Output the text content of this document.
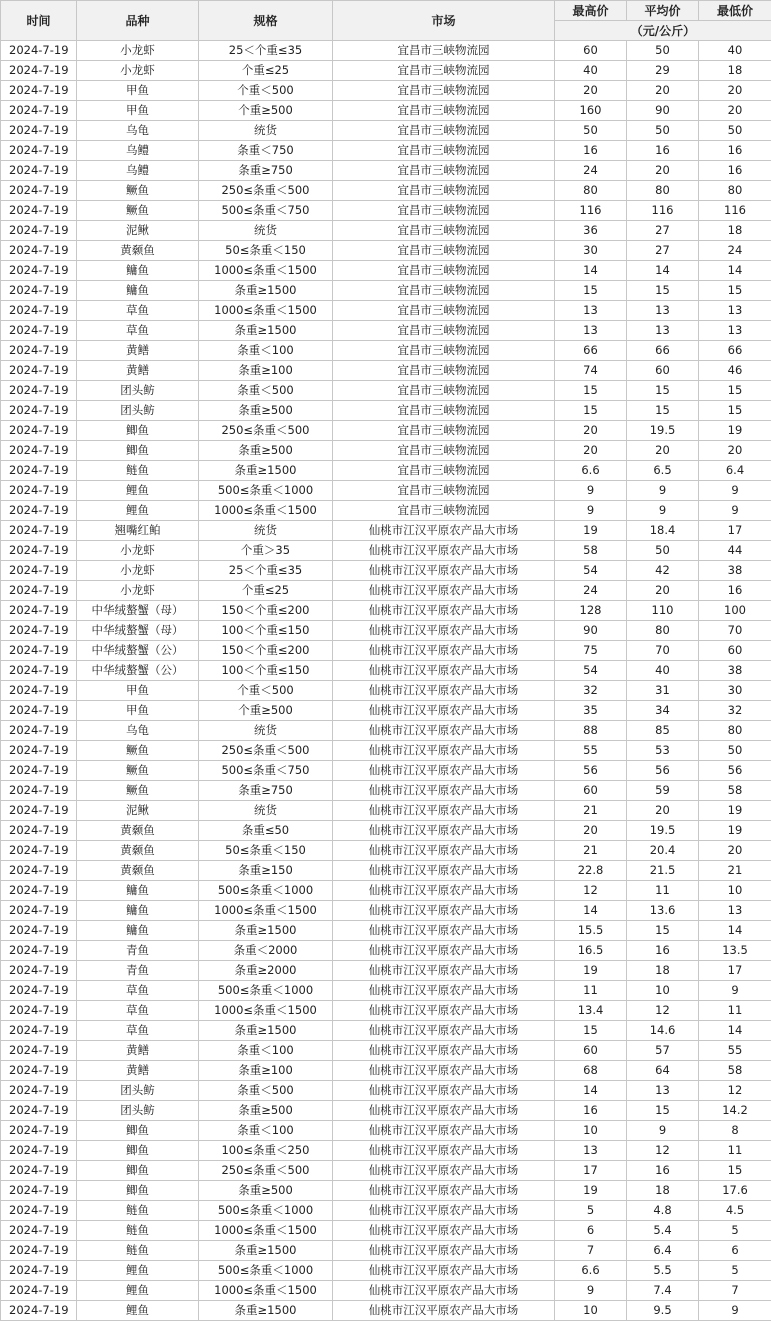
时间	品种	规格	市场	最高价	平均价	最低价
				（元/公斤）		
2024-7-19	小龙虾	25＜个重≤35	宜昌市三峡物流园	60	50	40
2024-7-19	小龙虾	个重≤25	宜昌市三峡物流园	40	29	18
2024-7-19	甲鱼	个重＜500	宜昌市三峡物流园	20	20	20
2024-7-19	甲鱼	个重≥500	宜昌市三峡物流园	160	90	20
2024-7-19	乌龟	统货	宜昌市三峡物流园	50	50	50
2024-7-19	乌鳢	条重＜750	宜昌市三峡物流园	16	16	16
2024-7-19	乌鳢	条重≥750	宜昌市三峡物流园	24	20	16
2024-7-19	鳜鱼	250≤条重＜500	宜昌市三峡物流园	80	80	80
2024-7-19	鳜鱼	500≤条重＜750	宜昌市三峡物流园	116	116	116
2024-7-19	泥鳅	统货	宜昌市三峡物流园	36	27	18
2024-7-19	黄颡鱼	50≤条重＜150	宜昌市三峡物流园	30	27	24
2024-7-19	鳙鱼	1000≤条重＜1500	宜昌市三峡物流园	14	14	14
2024-7-19	鳙鱼	条重≥1500	宜昌市三峡物流园	15	15	15
2024-7-19	草鱼	1000≤条重＜1500	宜昌市三峡物流园	13	13	13
2024-7-19	草鱼	条重≥1500	宜昌市三峡物流园	13	13	13
2024-7-19	黄鳝	条重＜100	宜昌市三峡物流园	66	66	66
2024-7-19	黄鳝	条重≥100	宜昌市三峡物流园	74	60	46
2024-7-19	团头鲂	条重＜500	宜昌市三峡物流园	15	15	15
2024-7-19	团头鲂	条重≥500	宜昌市三峡物流园	15	15	15
2024-7-19	鲫鱼	250≤条重＜500	宜昌市三峡物流园	20	19.5	19
2024-7-19	鲫鱼	条重≥500	宜昌市三峡物流园	20	20	20
2024-7-19	鲢鱼	条重≥1500	宜昌市三峡物流园	6.6	6.5	6.4
2024-7-19	鲤鱼	500≤条重＜1000	宜昌市三峡物流园	9	9	9
2024-7-19	鲤鱼	1000≤条重＜1500	宜昌市三峡物流园	9	9	9
2024-7-19	翘嘴红鲌	统货	仙桃市江汉平原农产品大市场	19	18.4	17
2024-7-19	小龙虾	个重＞35	仙桃市江汉平原农产品大市场	58	50	44
2024-7-19	小龙虾	25＜个重≤35	仙桃市江汉平原农产品大市场	54	42	38
2024-7-19	小龙虾	个重≤25	仙桃市江汉平原农产品大市场	24	20	16
2024-7-19	中华绒螯蟹（母）	150＜个重≤200	仙桃市江汉平原农产品大市场	128	110	100
2024-7-19	中华绒螯蟹（母）	100＜个重≤150	仙桃市江汉平原农产品大市场	90	80	70
2024-7-19	中华绒螯蟹（公）	150＜个重≤200	仙桃市江汉平原农产品大市场	75	70	60
2024-7-19	中华绒螯蟹（公）	100＜个重≤150	仙桃市江汉平原农产品大市场	54	40	38
2024-7-19	甲鱼	个重＜500	仙桃市江汉平原农产品大市场	32	31	30
2024-7-19	甲鱼	个重≥500	仙桃市江汉平原农产品大市场	35	34	32
2024-7-19	乌龟	统货	仙桃市江汉平原农产品大市场	88	85	80
2024-7-19	鳜鱼	250≤条重＜500	仙桃市江汉平原农产品大市场	55	53	50
2024-7-19	鳜鱼	500≤条重＜750	仙桃市江汉平原农产品大市场	56	56	56
2024-7-19	鳜鱼	条重≥750	仙桃市江汉平原农产品大市场	60	59	58
2024-7-19	泥鳅	统货	仙桃市江汉平原农产品大市场	21	20	19
2024-7-19	黄颡鱼	条重≤50	仙桃市江汉平原农产品大市场	20	19.5	19
2024-7-19	黄颡鱼	50≤条重＜150	仙桃市江汉平原农产品大市场	21	20.4	20
2024-7-19	黄颡鱼	条重≥150	仙桃市江汉平原农产品大市场	22.8	21.5	21
2024-7-19	鳙鱼	500≤条重＜1000	仙桃市江汉平原农产品大市场	12	11	10
2024-7-19	鳙鱼	1000≤条重＜1500	仙桃市江汉平原农产品大市场	14	13.6	13
2024-7-19	鳙鱼	条重≥1500	仙桃市江汉平原农产品大市场	15.5	15	14
2024-7-19	青鱼	条重＜2000	仙桃市江汉平原农产品大市场	16.5	16	13.5
2024-7-19	青鱼	条重≥2000	仙桃市江汉平原农产品大市场	19	18	17
2024-7-19	草鱼	500≤条重＜1000	仙桃市江汉平原农产品大市场	11	10	9
2024-7-19	草鱼	1000≤条重＜1500	仙桃市江汉平原农产品大市场	13.4	12	11
2024-7-19	草鱼	条重≥1500	仙桃市江汉平原农产品大市场	15	14.6	14
2024-7-19	黄鳝	条重＜100	仙桃市江汉平原农产品大市场	60	57	55
2024-7-19	黄鳝	条重≥100	仙桃市江汉平原农产品大市场	68	64	58
2024-7-19	团头鲂	条重＜500	仙桃市江汉平原农产品大市场	14	13	12
2024-7-19	团头鲂	条重≥500	仙桃市江汉平原农产品大市场	16	15	14.2
2024-7-19	鲫鱼	条重＜100	仙桃市江汉平原农产品大市场	10	9	8
2024-7-19	鲫鱼	100≤条重＜250	仙桃市江汉平原农产品大市场	13	12	11
2024-7-19	鲫鱼	250≤条重＜500	仙桃市江汉平原农产品大市场	17	16	15
2024-7-19	鲫鱼	条重≥500	仙桃市江汉平原农产品大市场	19	18	17.6
2024-7-19	鲢鱼	500≤条重＜1000	仙桃市江汉平原农产品大市场	5	4.8	4.5
2024-7-19	鲢鱼	1000≤条重＜1500	仙桃市江汉平原农产品大市场	6	5.4	5
2024-7-19	鲢鱼	条重≥1500	仙桃市江汉平原农产品大市场	7	6.4	6
2024-7-19	鲤鱼	500≤条重＜1000	仙桃市江汉平原农产品大市场	6.6	5.5	5
2024-7-19	鲤鱼	1000≤条重＜1500	仙桃市江汉平原农产品大市场	9	7.4	7
2024-7-19	鲤鱼	条重≥1500	仙桃市江汉平原农产品大市场	10	9.5	9
